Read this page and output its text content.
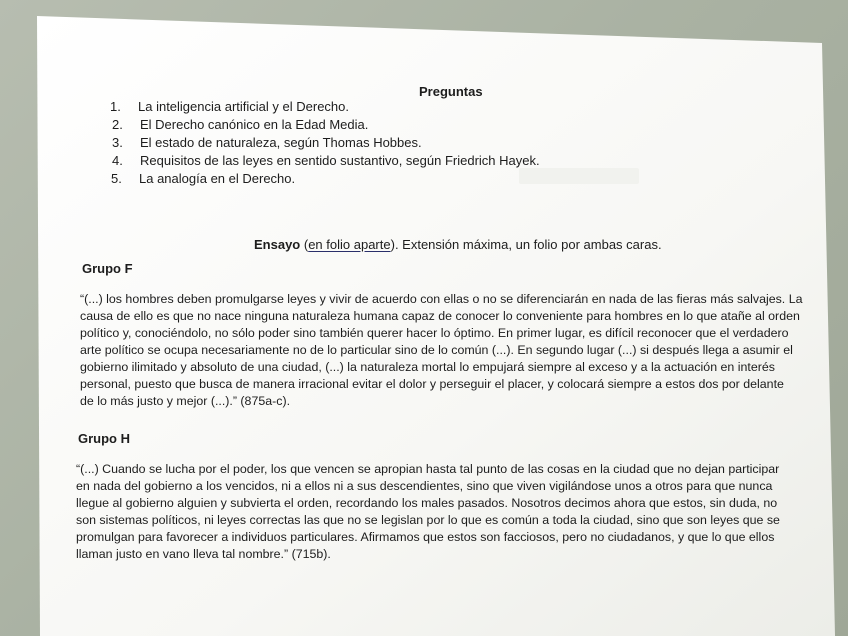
Preguntas
1.	La inteligencia artificial y el Derecho.
2.	El Derecho canónico en la Edad Media.
3.	El estado de naturaleza, según Thomas Hobbes.
4.	Requisitos de las leyes en sentido sustantivo, según Friedrich Hayek.
5.	La analogía en el Derecho.
Ensayo (en folio aparte). Extensión máxima, un folio por ambas caras.
Grupo F
“(...) los hombres deben promulgarse leyes y vivir de acuerdo con ellas o no se diferenciarán en nada de las fieras más salvajes. La
causa de ello es que no nace ninguna naturaleza humana capaz de conocer lo conveniente para hombres en lo que atañe al orden
político y, conociéndolo, no sólo poder sino también querer hacer lo óptimo. En primer lugar, es difícil reconocer que el verdadero
arte político se ocupa necesariamente no de lo particular sino de lo común (...). En segundo lugar (...) si después llega a asumir el
gobierno ilimitado y absoluto de una ciudad, (...) la naturaleza mortal lo empujará siempre al exceso y a la actuación en interés
personal, puesto que busca de manera irracional evitar el dolor y perseguir el placer, y colocará siempre a estos dos por delante
de lo más justo y mejor (...).” (875a-c).
Grupo H
“(...) Cuando se lucha por el poder, los que vencen se apropian hasta tal punto de las cosas en la ciudad que no dejan participar
en nada del gobierno a los vencidos, ni a ellos ni a sus descendientes, sino que viven vigilándose unos a otros para que nunca
llegue al gobierno alguien y subvierta el orden, recordando los males pasados. Nosotros decimos ahora que estos, sin duda, no
son sistemas políticos, ni leyes correctas las que no se legislan por lo que es común a toda la ciudad, sino que son leyes que se
promulgan para favorecer a individuos particulares. Afirmamos que estos son facciosos, pero no ciudadanos, y que lo que ellos
llaman justo en vano lleva tal nombre.” (715b).
